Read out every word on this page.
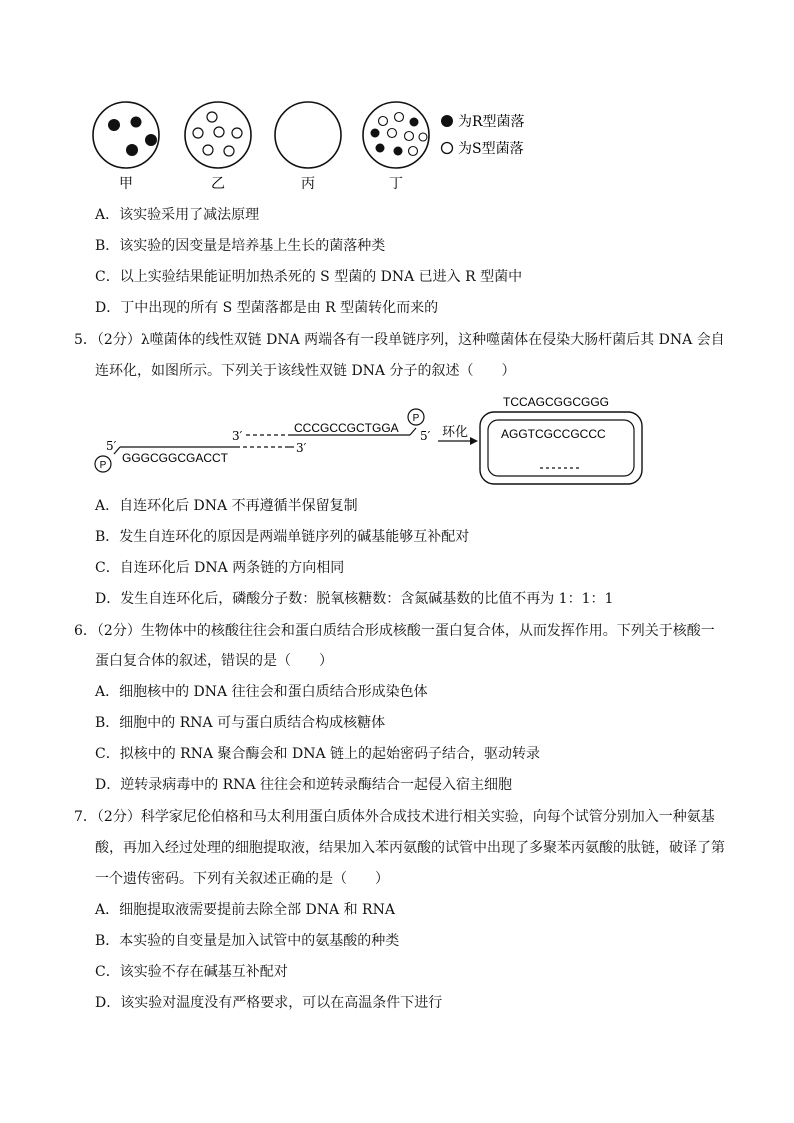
甲	乙	丙	丁
为R型菌落
为S型菌落
A．该实验采用了减法原理
B．该实验的因变量是培养基上生长的菌落种类
C．以上实验结果能证明加热杀死的 S 型菌的 DNA 已进入 R 型菌中
D．丁中出现的所有 S 型菌落都是由 R 型菌转化而来的
5．（2分）λ噬菌体的线性双链 DNA 两端各有一段单链序列，这种噬菌体在侵染大肠杆菌后其 DNA 会自
连环化，如图所示。下列关于该线性双链 DNA 分子的叙述（　　）
P
5′
GGGCGGCGACCT
3′
3′
CCCGCCGCTGGA
P
5′ 环化
TCCAGCGGCGGG
AGGTCGCCGCCC
A．自连环化后 DNA 不再遵循半保留复制
B．发生自连环化的原因是两端单链序列的碱基能够互补配对
C．自连环化后 DNA 两条链的方向相同
D．发生自连环化后，磷酸分子数：脱氧核糖数：含氮碱基数的比值不再为 1：1：1
6．（2分）生物体中的核酸往往会和蛋白质结合形成核酸一蛋白复合体，从而发挥作用。下列关于核酸一
蛋白复合体的叙述，错误的是（　　）
A．细胞核中的 DNA 往往会和蛋白质结合形成染色体
B．细胞中的 RNA 可与蛋白质结合构成核糖体
C．拟核中的 RNA 聚合酶会和 DNA 链上的起始密码子结合，驱动转录
D．逆转录病毒中的 RNA 往往会和逆转录酶结合一起侵入宿主细胞
7．（2分）科学家尼伦伯格和马太利用蛋白质体外合成技术进行相关实验，向每个试管分别加入一种氨基
酸，再加入经过处理的细胞提取液，结果加入苯丙氨酸的试管中出现了多聚苯丙氨酸的肽链，破译了第
一个遗传密码。下列有关叙述正确的是（　　）
A．细胞提取液需要提前去除全部 DNA 和 RNA
B．本实验的自变量是加入试管中的氨基酸的种类
C．该实验不存在碱基互补配对
D．该实验对温度没有严格要求，可以在高温条件下进行
